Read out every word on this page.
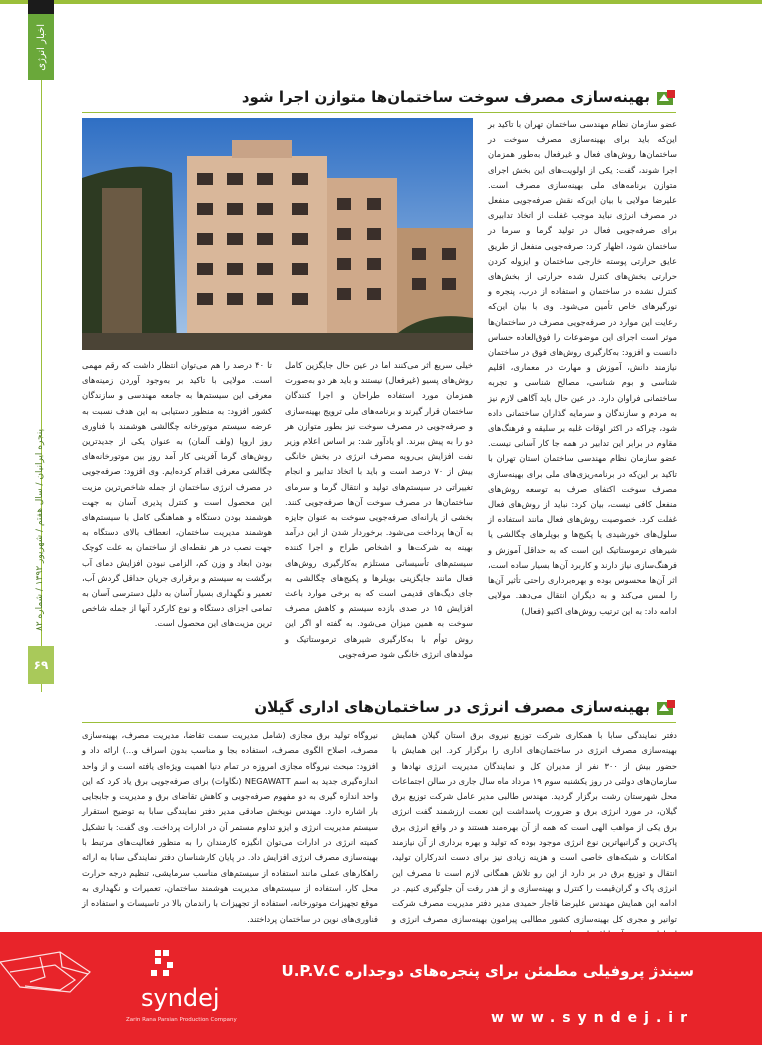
اخبار انرژی
پنجره ایرانیان / سال هفتم / شهریور ۱۳۹۲ / شماره ۸۲
۶۹
بهینه‌سازی مصرف سوخت ساختمان‌ها متوازن اجرا شود
عضو سازمان نظام مهندسی ساختمان تهران با تاکید بر این‌که باید برای بهینه‌سازی مصرف سوخت در ساختمان‌ها روش‌های فعال و غیرفعال به‌طور همزمان اجرا شوند، گفت: یکی از اولویت‌های این بخش اجرای متوازن برنامه‌های ملی بهینه‌سازی مصرف است. علیرضا مولایی با بیان این‌که نقش صرفه‌جویی منفعل در مصرف انرژی نباید موجب غفلت از اتخاذ تدابیری برای صرفه‌جویی فعال در تولید گرما و سرما در ساختمان شود، اظهار کرد: صرفه‌جویی منفعل از طریق عایق حرارتی پوسته خارجی ساختمان و ایزوله کردن حرارتی بخش‌های کنترل شده حرارتی از بخش‌های کنترل نشده در ساختمان و استفاده از درب، پنجره و نورگیرهای خاص تأمین می‌شود. وی با بیان این‌که رعایت این موارد در صرفه‌جویی مصرف در ساختمان‌ها موثر است اجرای این موضوعات را فوق‌العاده حساس دانست و افزود: به‌کارگیری روش‌های فوق در ساختمان نیازمند دانش، آموزش و مهارت در معماری، اقلیم شناسی و بوم شناسی، مصالح شناسی و تجربه ساختمانی فراوان دارد. در عین حال باید آگاهی لازم نیز به مردم و سازندگان و سرمایه گذاران ساختمانی داده شود، چراکه در اکثر اوقات غلبه بر سلیقه و فرهنگ‌های مقاوم در برابر این تدابیر در همه جا کار آسانی نیست. عضو سازمان نظام مهندسی ساختمان استان تهران با تاکید بر این‌که در برنامه‌ریزی‌های ملی برای بهینه‌سازی مصرف سوخت اکتفای صرف به توسعه روش‌های منفعل کافی نیست، بیان کرد: نباید از روش‌های فعال غفلت کرد. خصوصیت روش‌های فعال مانند استفاده از سلول‌های خورشیدی یا پکیج‌ها و بویلرهای چگالشی یا شیرهای ترموستاتیک این است که به حداقل آموزش و فرهنگ‌سازی نیاز دارند و کاربرد آن‌ها بسیار ساده است، اثر آن‌ها محسوس بوده و بهره‌برداری راحتی تأثیر آن‌ها را لمس می‌کند و به دیگران انتقال می‌دهد. مولایی ادامه داد: به این ترتیب روش‌های اکتیو (فعال)
خیلی سریع اثر می‌کنند اما در عین حال جایگزین کامل روش‌های پسیو (غیرفعال) نیستند و باید هر دو به‌صورت همزمان مورد استفاده طراحان و اجرا کنندگان ساختمان قرار گیرند و برنامه‌های ملی ترویج بهینه‌سازی و صرفه‌جویی در مصرف سوخت نیز بطور متوازن هر دو را به پیش ببرند. او یادآور شد: بر اساس اعلام وزیر نفت افزایش بی‌رویه مصرف انرژی در بخش خانگی بیش از ۷۰ درصد است و باید با اتخاذ تدابیر و انجام تغییراتی در سیستم‌های تولید و انتقال گرما و سرمای ساختمان‌ها در مصرف سوخت آن‌ها صرفه‌جویی کنند. بخشی از یارانه‌ای صرفه‌جویی سوخت به عنوان جایزه به آن‌ها پرداخت می‌شود. برخوردار شدن از این درآمد بهینه به شرکت‌ها و اشخاص طراح و اجرا کننده سیستم‌های تأسیساتی مستلزم به‌کارگیری روش‌های فعال مانند جایگزینی بویلرها و پکیج‌های چگالشی به جای دیگ‌های قدیمی است که به برخی موارد باعث افزایش ۱۵ در صدی بازده سیستم و کاهش مصرف سوخت به همین میزان می‌شود. به گفته او اگر این روش توأم با به‌کارگیری شیرهای ترموستاتیک و مولدهای انرژی خانگی شود صرفه‌جویی
تا ۴۰ درصد را هم می‌توان انتظار داشت که رقم مهمی است. مولایی با تاکید بر به‌وجود آوردن زمینه‌های معرفی این سیستم‌ها به جامعه مهندسی و سازندگان کشور افزود: به منظور دستیابی به این هدف نسبت به عرضه سیستم موتورخانه چگالشی هوشمند با فناوری روز اروپا (ولف آلمان) به عنوان یکی از جدیدترین روش‌های گرما آفرینی کار آمد روز بین موتورخانه‌های چگالشی معرفی اقدام کرده‌ایم. وی افزود: صرفه‌جویی در مصرف انرژی ساختمان از جمله شاخص‌ترین مزیت این محصول است و کنترل پذیری آسان به جهت هوشمند بودن دستگاه و هماهنگی کامل با سیستم‌های هوشمند مدیریت ساختمان، انعطاف بالای دستگاه به جهت نصب در هر نقطه‌ای از ساختمان به علت کوچک بودن ابعاد و وزن کم، الزامی نبودن افزایش دمای آب برگشت به سیستم و برقراری جریان حداقل گردش آب، تعمیر و نگهداری بسیار آسان به دلیل دسترسی آسان به تمامی اجزای دستگاه و نوع کارکرد آنها از جمله شاخص ترین مزیت‌های این محصول است.
بهینه‌سازی مصرف انرژی در ساختمان‌های اداری گیلان
دفتر نمایندگی سابا با همکاری شرکت توزیع نیروی برق استان گیلان همایش بهینه‌سازی مصرف انرژی در ساختمان‌های اداری را برگزار کرد. این همایش با حضور بیش از ۳۰۰ نفر از مدیران کل و نمایندگان مدیریت انرژی نهادها و سازمان‌های دولتی در روز یکشنبه سوم ۱۹ مرداد ماه سال جاری در سالن اجتماعات محل شهرستان رشت برگزار گردید. مهندس طالبی مدیر عامل شرکت توزیع برق گیلان، در مورد انرژی برق و ضرورت پاسداشت این نعمت ارزشمند گفت انرژی برق یکی از مواهب الهی است که همه از آن بهره‌مند هستند و در واقع انرژی برق پاک‌ترین و گرانبهاترین نوع انرژی موجود بوده که تولید و بهره برداری از آن نیازمند امکانات و شبکه‌های خاصی است و هزینه زیادی نیز برای دست اندرکاران تولید، انتقال و توزیع برق در بر دارد از این رو تلاش همگانی لازم است تا مصرف این انرژی پاک و گران‌قیمت را کنترل و بهینه‌سازی و از هدر رفت آن جلوگیری کنیم. در ادامه این همایش مهندس علیرضا قاجار حمیدی مدیر دفتر مدیریت مصرف شرکت توانیر و مجری کل بهینه‌سازی کشور مطالبی پیرامون بهینه‌سازی مصرف انرژی و
نیروگاه تولید برق مجازی (شامل مدیریت سمت تقاضا، مدیریت مصرف، بهینه‌سازی مصرف، اصلاح الگوی مصرف، استفاده بجا و مناسب بدون اسراف و...) ارائه داد و افزود: مبحث نیروگاه مجازی امروزه در تمام دنیا اهمیت ویژه‌ای یافته است و از واحد اندازه‌گیری جدید به اسم NEGAWATT (نگاوات) برای صرفه‌جویی برق یاد کرد که این واحد اندازه گیری به دو مفهوم صرفه‌جویی و کاهش تقاضای برق و مدیریت و جابجایی بار اشاره دارد. مهندس نوبخش صادقی مدیر دفتر نمایندگی سابا به توضیح استقرار سیستم مدیریت انرژی و ایزو تداوم مستمر آن در ادارات پرداخت. وی گفت: با تشکیل کمیته انرژی در ادارات می‌توان انگیزه کارمندان را به منظور فعالیت‌های مرتبط با بهینه‌سازی مصرف انرژی افزایش داد. در پایان کارشناسان دفتر نمایندگی سابا به ارائه راهکارهای عملی مانند استفاده از سیستم‌های مناسب سرمایشی، تنظیم درجه حرارت محل کار، استفاده از سیستم‌های مدیریت هوشمند ساختمان، تعمیرات و نگهداری به موقع تجهیزات موتورخانه، استفاده از تجهیزات با راندمان بالا در تاسیسات و استفاده از فناوری‌های نوین در ساختمان پرداختند.
syndej
Zarin Rana Parsian Production Company
سیندژ پروفیلی مطمئن برای پنجره‌های دوجداره U.P.V.C
www.syndej.ir
